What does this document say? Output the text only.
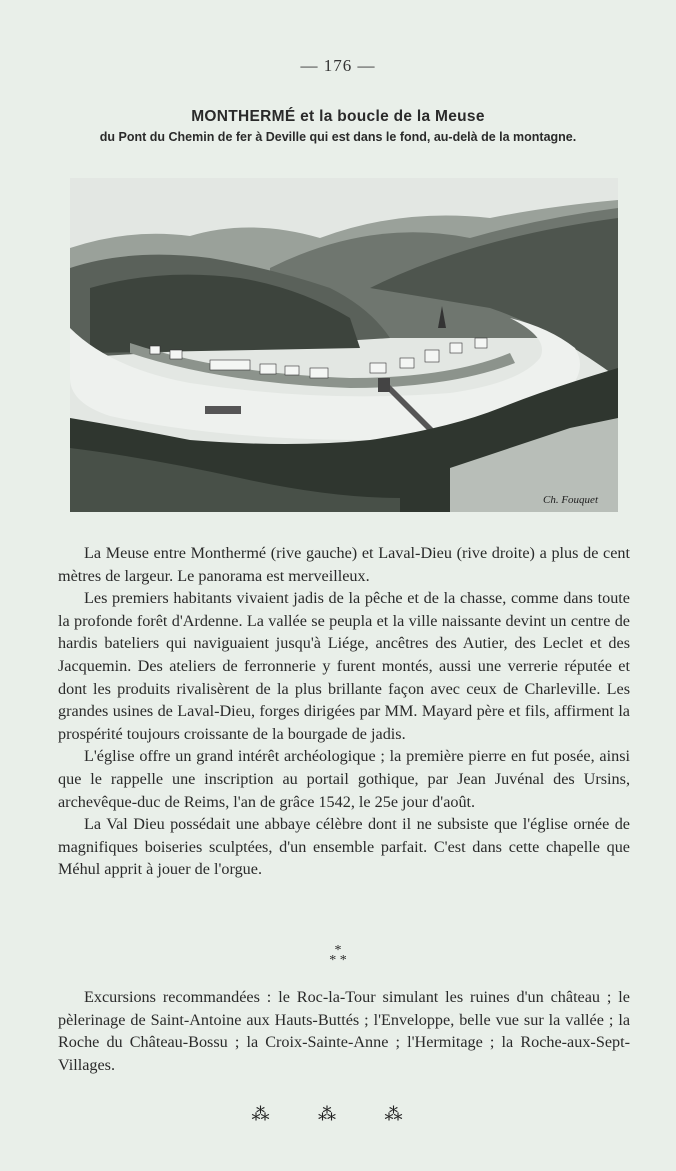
— 176 —
MONTHERMÉ et la boucle de la Meuse
du Pont du Chemin de fer à Deville qui est dans le fond, au-delà de la montagne.
Ch. Fouquet

La Meuse entre Monthermé (rive gauche) et Laval-Dieu (rive droite) a plus de cent mètres de largeur. Le panorama est merveilleux.

Les premiers habitants vivaient jadis de la pêche et de la chasse, comme dans toute la profonde forêt d'Ardenne. La vallée se peupla et la ville naissante devint un centre de hardis bateliers qui naviguaient jusqu'à Liége, ancêtres des Autier, des Leclet et des Jacquemin. Des ateliers de ferronnerie y furent montés, aussi une verrerie réputée et dont les produits rivalisèrent de la plus brillante façon avec ceux de Charleville. Les grandes usines de Laval-Dieu, forges dirigées par MM. Mayard père et fils, affirment la prospérité toujours croissante de la bourgade de jadis.

L'église offre un grand intérêt archéologique ; la première pierre en fut posée, ainsi que le rappelle une inscription au portail gothique, par Jean Juvénal des Ursins, archevêque-duc de Reims, l'an de grâce 1542, le 25e jour d'août.

La Val Dieu possédait une abbaye célèbre dont il ne subsiste que l'église ornée de magnifiques boiseries sculptées, d'un ensemble parfait. C'est dans cette chapelle que Méhul apprit à jouer de l'orgue.

*
* *

Excursions recommandées : le Roc-la-Tour simulant les ruines d'un château ; le pèlerinage de Saint-Antoine aux Hauts-Buttés ; l'Enveloppe, belle vue sur la vallée ; la Roche du Château-Bossu ; la Croix-Sainte-Anne ; l'Hermitage ; la Roche-aux-Sept-Villages.

⁂ ⁂ ⁂
